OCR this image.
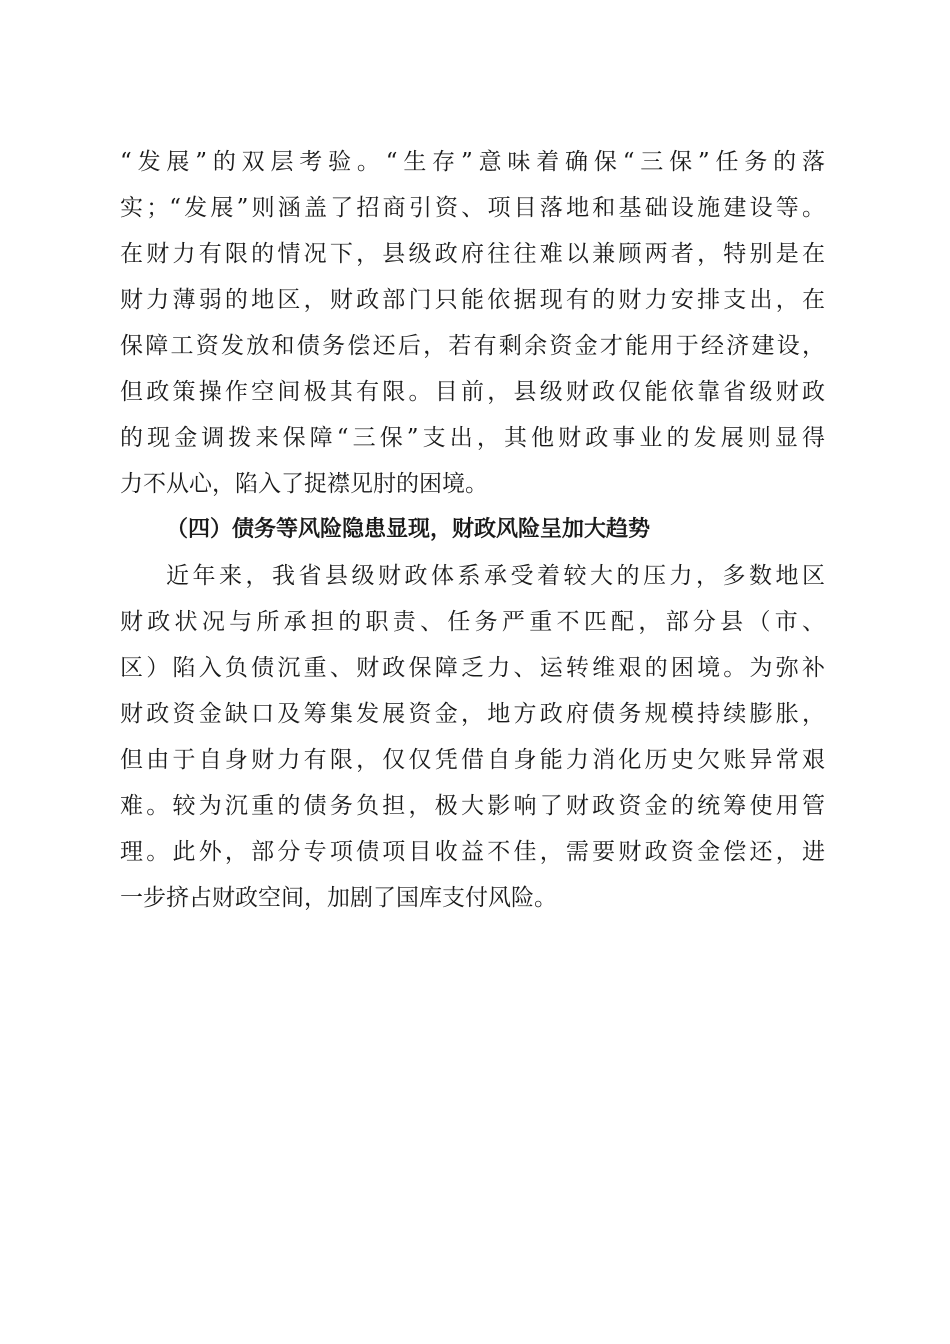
“发展”的双层考验。“生存”意味着确保“三保”任务的落
实；“发展”则涵盖了招商引资、项目落地和基础设施建设等。
在财力有限的情况下，县级政府往往难以兼顾两者，特别是在
财力薄弱的地区，财政部门只能依据现有的财力安排支出，在
保障工资发放和债务偿还后，若有剩余资金才能用于经济建设，
但政策操作空间极其有限。目前，县级财政仅能依靠省级财政
的现金调拨来保障“三保”支出，其他财政事业的发展则显得
力不从心，陷入了捉襟见肘的困境。
（四）债务等风险隐患显现，财政风险呈加大趋势
近年来，我省县级财政体系承受着较大的压力，多数地区
财政状况与所承担的职责、任务严重不匹配，部分县（市、
区）陷入负债沉重、财政保障乏力、运转维艰的困境。为弥补
财政资金缺口及筹集发展资金，地方政府债务规模持续膨胀，
但由于自身财力有限，仅仅凭借自身能力消化历史欠账异常艰
难。较为沉重的债务负担，极大影响了财政资金的统筹使用管
理。此外，部分专项债项目收益不佳，需要财政资金偿还，进
一步挤占财政空间，加剧了国库支付风险。
